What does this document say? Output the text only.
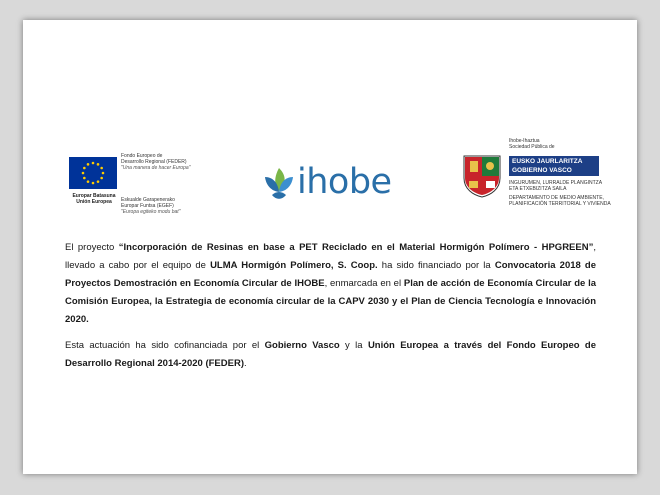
Fondo Europeo de
Desarrollo Regional (FEDER)
"Una manera de hacer Europa"
Europar Batasuna
Unión Europea	Eskualde Garapenerako
Europar Funtsa (EGEF)
"Europa egiteko modu bat"
ihobe
Ihobe-Ihaztua
Sociedad Pública de
EUSKO JAURLARITZA
GOBIERNO VASCO
INGURUMEN, LURRALDE PLANGINTZA
ETA ETXEBIZITZA SAILA
DEPARTAMENTO DE MEDIO AMBIENTE,
PLANIFICACIÓN TERRITORIAL Y VIVIENDA

El proyecto “Incorporación de Resinas en base a PET Reciclado en el Material Hormigón Polímero - HPGREEN”, llevado a cabo por el equipo de ULMA Hormigón Polímero, S. Coop. ha sido financiado por la Convocatoria 2018 de Proyectos Demostración en Economía Circular de IHOBE, enmarcada en el Plan de acción de Economía Circular de la Comisión Europea, la Estrategia de economía circular de la CAPV 2030 y el Plan de Ciencia Tecnología e Innovación 2020.

Esta actuación ha sido cofinanciada por el Gobierno Vasco y la Unión Europea a través del Fondo Europeo de Desarrollo Regional 2014-2020 (FEDER).
